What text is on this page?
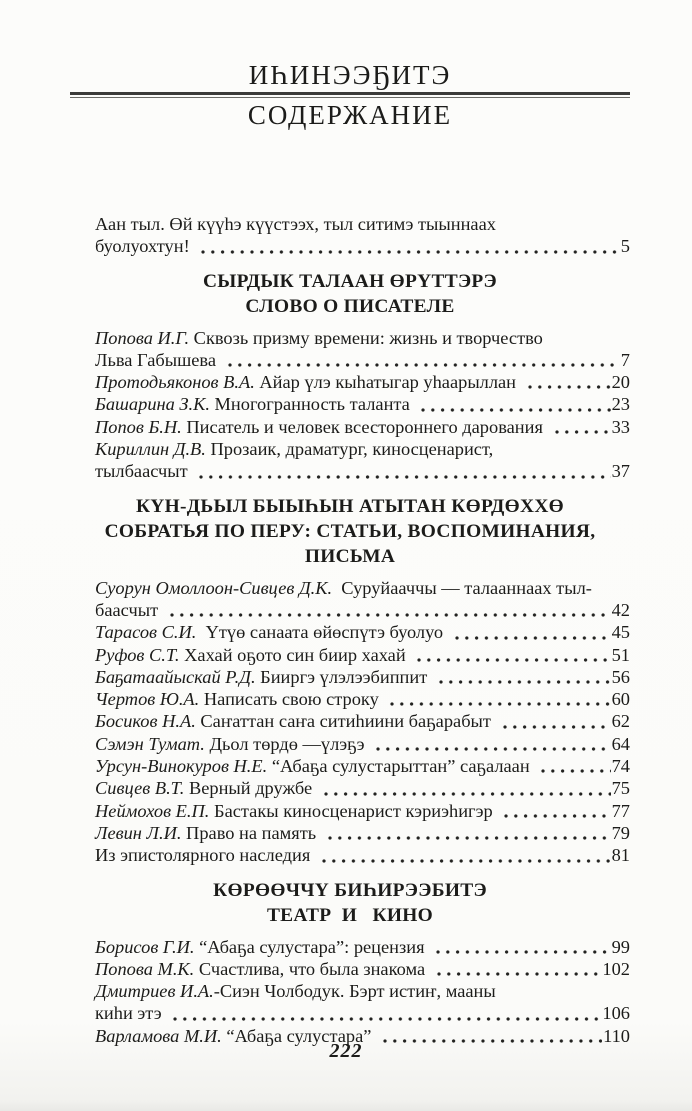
ИҺИНЭЭҔИТЭ
СОДЕРЖАНИЕ
Аан тыл. Өй күүһэ күүстээх, тыл ситимэ тыыннаах
буолуохтун!	5
СЫРДЫК ТАЛААН ӨРҮТТЭРЭ
СЛОВО О ПИСАТЕЛЕ
Попова И.Г. Сквозь призму времени: жизнь и творчество
Льва Габышева	7
Протодьяконов В.А. Айар үлэ кыһатыгар уһаарыллан	20
Башарина З.К. Многогранность таланта	23
Попов Б.Н. Писатель и человек всестороннего дарования	33
Кириллин Д.В. Прозаик, драматург, киносценарист,
тылбаасчыт	37
КҮН-ДЬЫЛ БЫЫҺЫН АТЫТАН КӨРДӨХХӨ
СОБРАТЬЯ ПО ПЕРУ: СТАТЬИ, ВОСПОМИНАНИЯ,
ПИСЬМА
Суорун Омоллоон-Сивцев Д.К.  Суруйааччы — талааннаах тыл-
баасчыт	42
Тарасов С.И.  Үтүө санаата өйөспүтэ буолуо	45
Руфов С.Т. Хахай оҕото син биир хахай	51
Баҕатаайыскай Р.Д. Бииргэ үлэлээбиппит	56
Чертов Ю.А. Написать свою строку	60
Босиков Н.А. Саҥаттан саҥа ситиһиини баҕарабыт	62
Сэмэн Тумат. Дьол төрдө —үлэҕэ	64
Урсун-Винокуров Н.Е. “Абаҕа сулустарыттан” саҕалаан	74
Сивцев В.Т. Верный дружбе	75
Неймохов Е.П. Бастакы киносценарист кэриэһигэр	77
Левин Л.И. Право на память	79
Из эпистолярного наследия	81
КӨРӨӨЧЧҮ БИҺИРЭЭБИТЭ
ТЕАТР  И   КИНО
Борисов Г.И. “Абаҕа сулустара”: рецензия	99
Попова М.К. Счастлива, что была знакома	102
Дмитриев И.А.-Сиэн Чолбодук. Бэрт истиҥ, мааны
киһи этэ	106
Варламова М.И. “Абаҕа сулустара”	110
222
